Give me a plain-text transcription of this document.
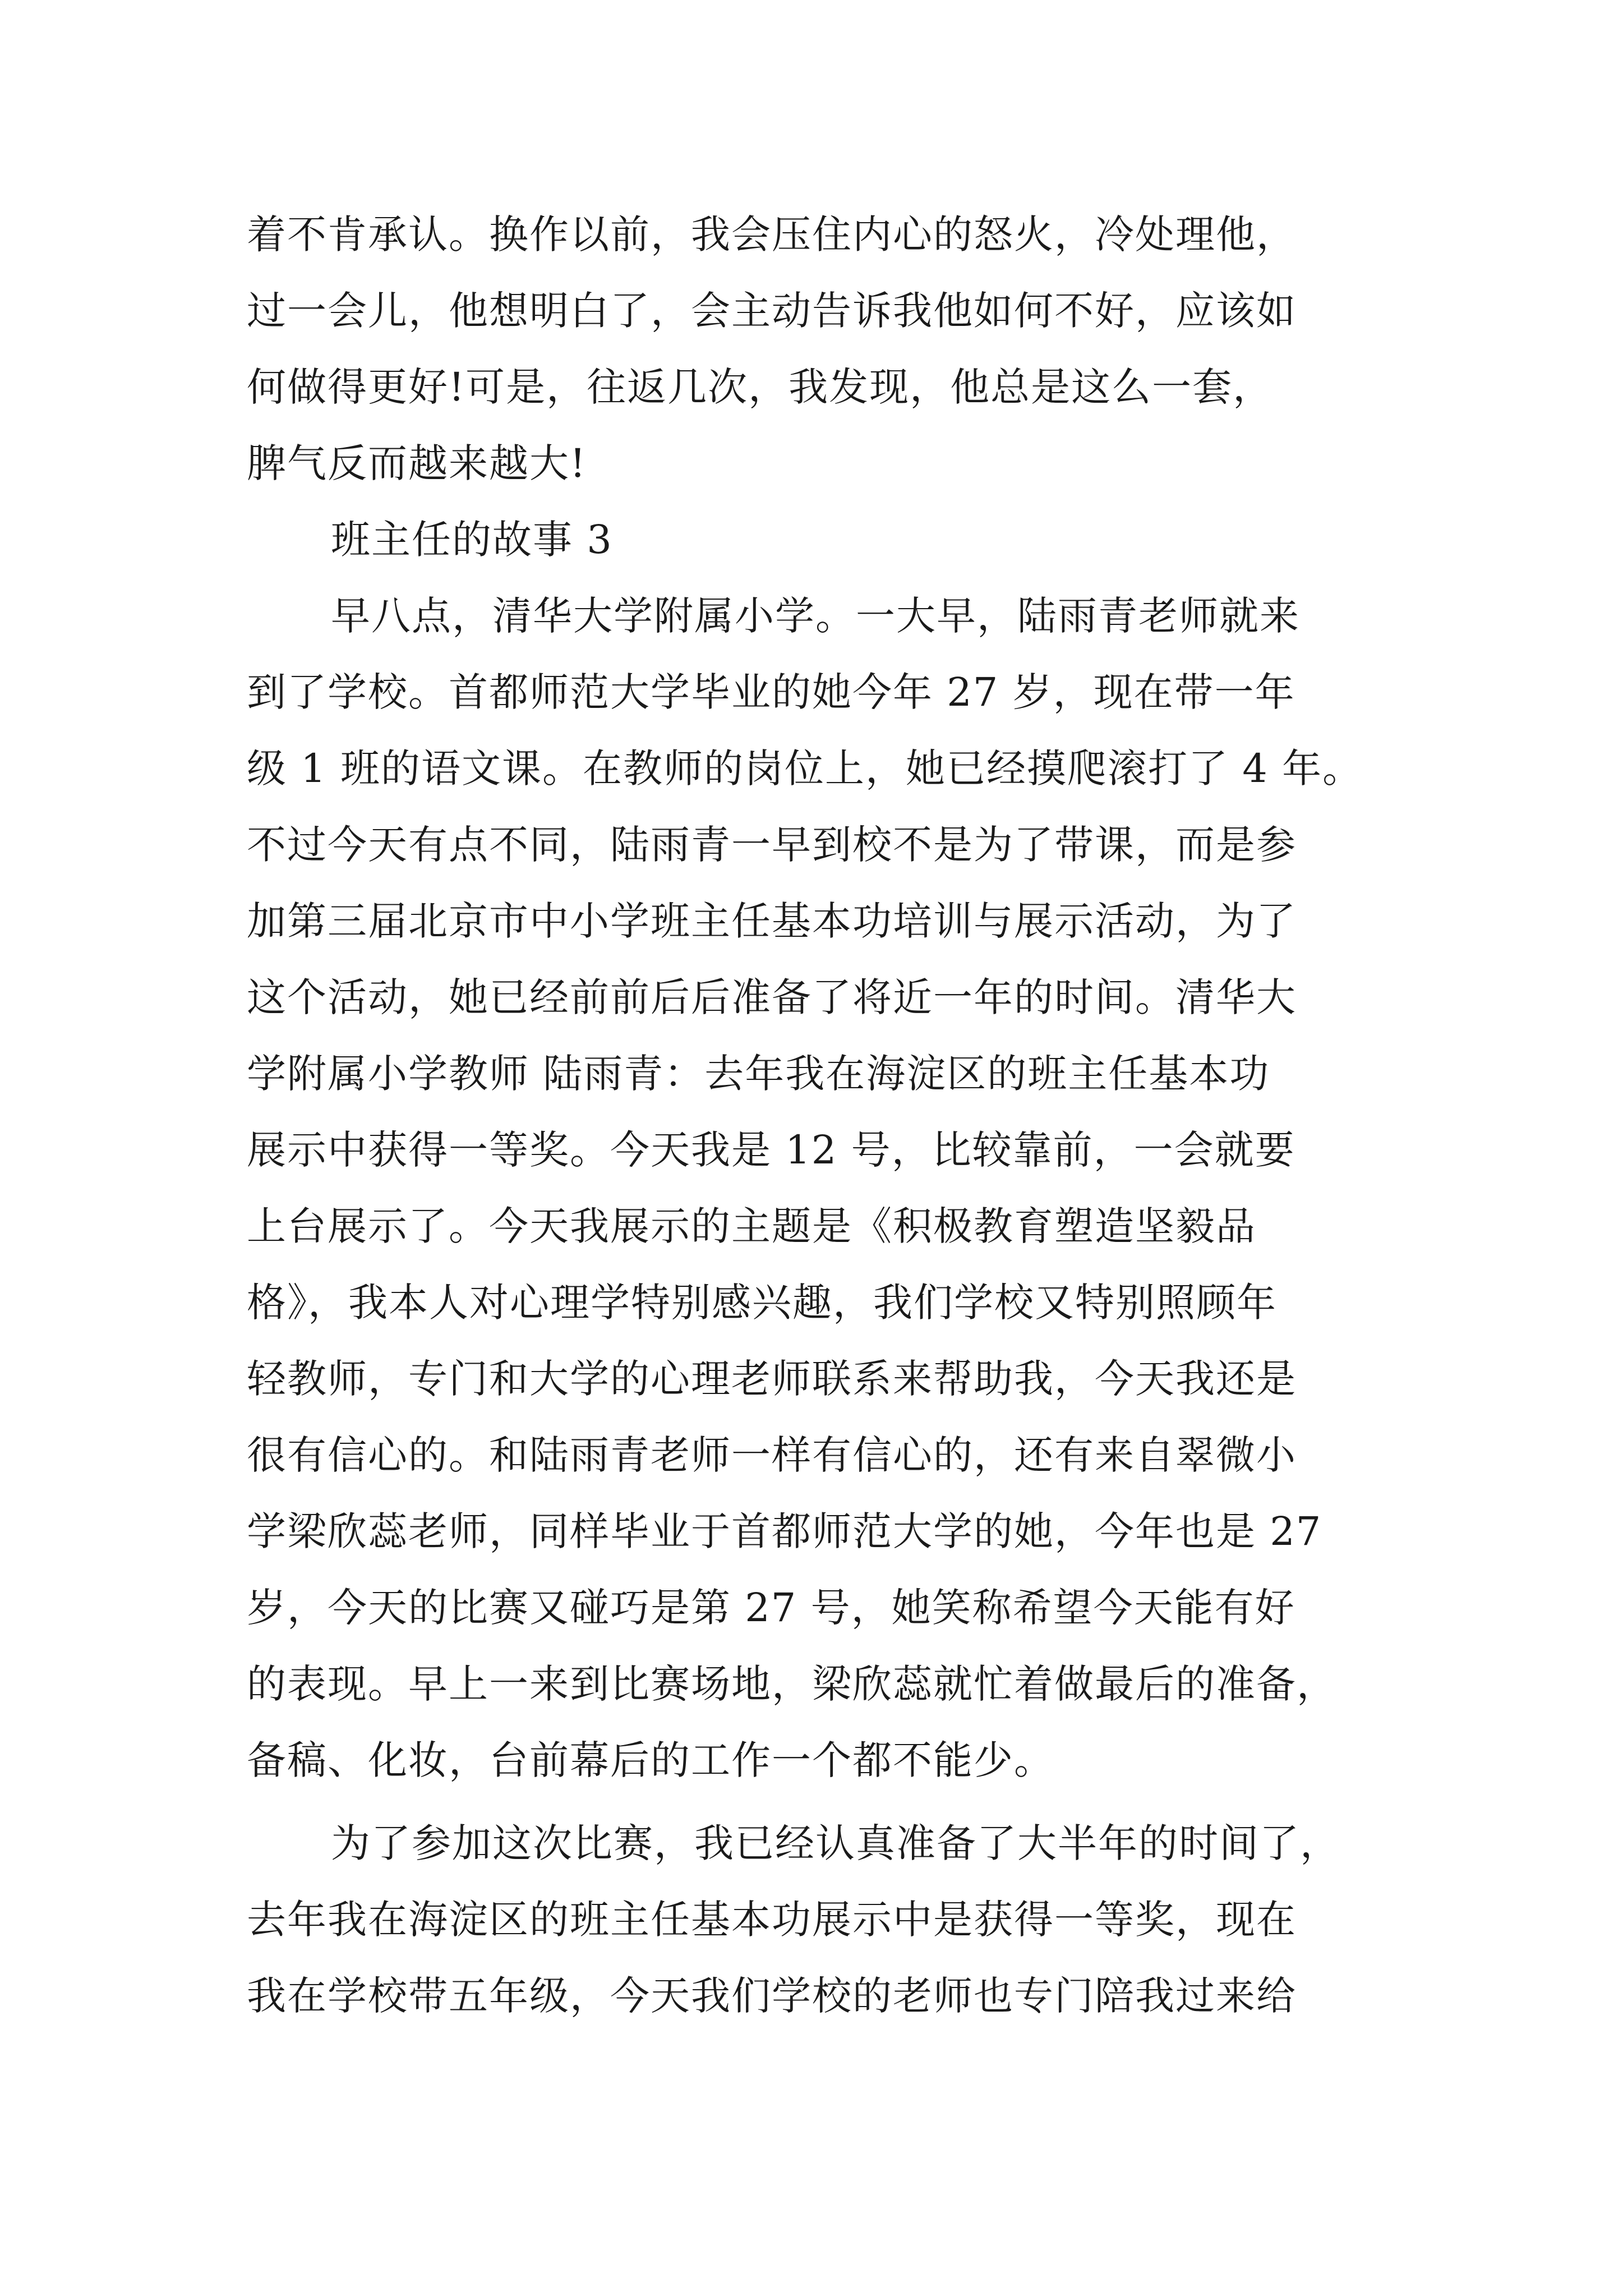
着不肯承认。换作以前，我会压住内心的怒火，冷处理他，
过一会儿，他想明白了，会主动告诉我他如何不好，应该如
何做得更好!可是，往返几次，我发现，他总是这么一套，
脾气反而越来越大!
班主任的故事 3
早八点，清华大学附属小学。一大早，陆雨青老师就来
到了学校。首都师范大学毕业的她今年 27 岁，现在带一年
级 1 班的语文课。在教师的岗位上，她已经摸爬滚打了 4 年。
不过今天有点不同，陆雨青一早到校不是为了带课，而是参
加第三届北京市中小学班主任基本功培训与展示活动，为了
这个活动，她已经前前后后准备了将近一年的时间。清华大
学附属小学教师 陆雨青：去年我在海淀区的班主任基本功
展示中获得一等奖。今天我是 12 号，比较靠前，一会就要
上台展示了。今天我展示的主题是《积极教育塑造坚毅品
格》，我本人对心理学特别感兴趣，我们学校又特别照顾年
轻教师，专门和大学的心理老师联系来帮助我，今天我还是
很有信心的。和陆雨青老师一样有信心的，还有来自翠微小
学梁欣蕊老师，同样毕业于首都师范大学的她，今年也是 27
岁，今天的比赛又碰巧是第 27 号，她笑称希望今天能有好
的表现。早上一来到比赛场地，梁欣蕊就忙着做最后的准备，
备稿、化妆，台前幕后的工作一个都不能少。
为了参加这次比赛，我已经认真准备了大半年的时间了，
去年我在海淀区的班主任基本功展示中是获得一等奖，现在
我在学校带五年级，今天我们学校的老师也专门陪我过来给
